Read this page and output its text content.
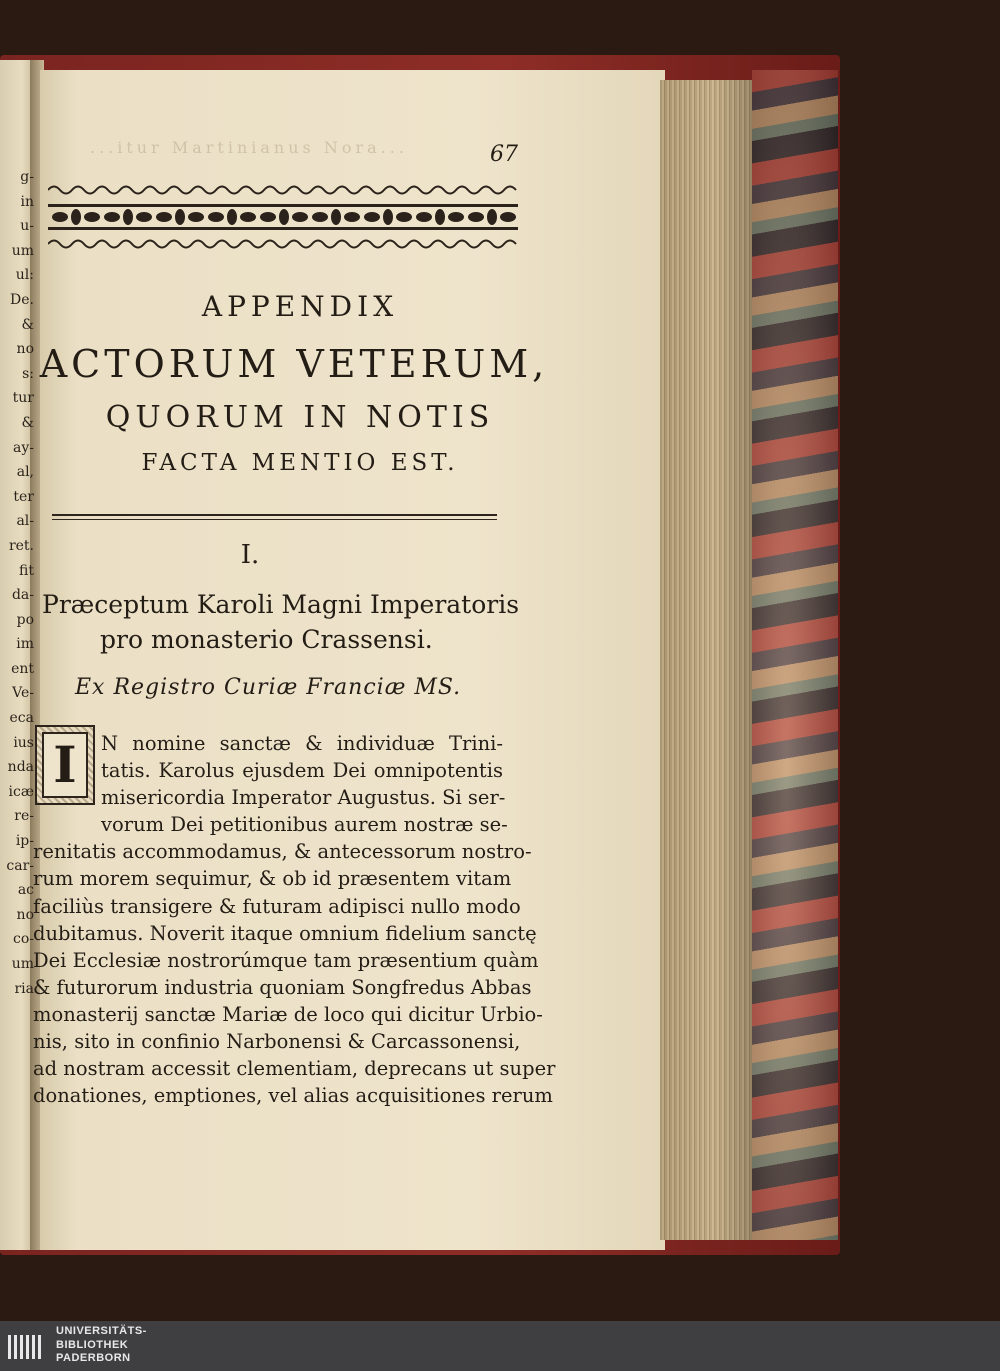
g-
in
u-
um
ul:
De.
&
no
s:
tur
&
ay-
al,
ter
al-
ret.
fit
da-
po
im
ent
Ve-
eca
ius
nda
icæ
re-
ip-
car-
ac
no
co-
um
ria
...itur Martinianus Nora...	67
APPENDIX
ACTORUM VETERUM,
QUORUM IN NOTIS
FACTA MENTIO EST.
I.
Præceptum Karoli Magni Imperatoris
pro monasterio Crassensi.
Ex Registro Curiæ Franciæ MS.
N nomine sanctæ & individuæ Trini-
tatis. Karolus ejusdem Dei omnipotentis
misericordia Imperator Augustus. Si ser-
vorum Dei petitionibus aurem nostræ se-
renitatis accommodamus, & antecessorum nostro-
rum morem sequimur, & ob id præsentem vitam
faciliùs transigere & futuram adipisci nullo modo
dubitamus. Noverit itaque omnium fidelium sanctę
Dei Ecclesiæ nostrorúmque tam præsentium quàm
& futurorum industria quoniam Songfredus Abbas
monasterij sanctæ Mariæ de loco qui dicitur Urbio-
nis, sito in confinio Narbonensi & Carcassonensi,
ad nostram accessit clementiam, deprecans ut super
donationes, emptiones, vel alias acquisitiones rerum
I
UNIVERSITÄTS-
BIBLIOTHEK
PADERBORN
